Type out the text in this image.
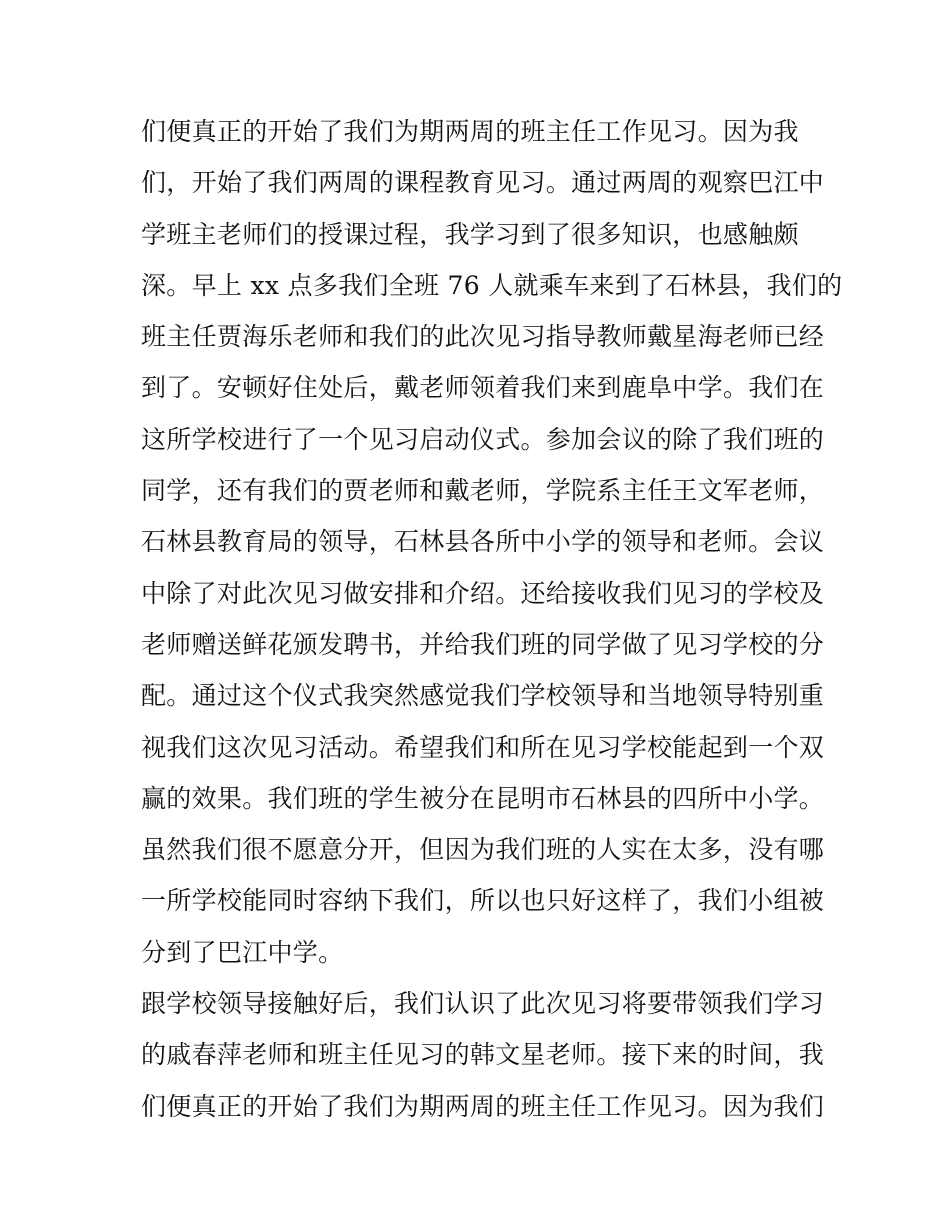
们便真正的开始了我们为期两周的班主任工作见习。因为我
们，开始了我们两周的课程教育见习。通过两周的观察巴江中
学班主老师们的授课过程，我学习到了很多知识，也感触颇
深。早上 xx 点多我们全班 76 人就乘车来到了石林县，我们的
班主任贾海乐老师和我们的此次见习指导教师戴星海老师已经
到了。安顿好住处后，戴老师领着我们来到鹿阜中学。我们在
这所学校进行了一个见习启动仪式。参加会议的除了我们班的
同学，还有我们的贾老师和戴老师，学院系主任王文军老师，
石林县教育局的领导，石林县各所中小学的领导和老师。会议
中除了对此次见习做安排和介绍。还给接收我们见习的学校及
老师赠送鲜花颁发聘书，并给我们班的同学做了见习学校的分
配。通过这个仪式我突然感觉我们学校领导和当地领导特别重
视我们这次见习活动。希望我们和所在见习学校能起到一个双
赢的效果。我们班的学生被分在昆明市石林县的四所中小学。
虽然我们很不愿意分开，但因为我们班的人实在太多，没有哪
一所学校能同时容纳下我们，所以也只好这样了，我们小组被
分到了巴江中学。
跟学校领导接触好后，我们认识了此次见习将要带领我们学习
的戚春萍老师和班主任见习的韩文星老师。接下来的时间，我
们便真正的开始了我们为期两周的班主任工作见习。因为我们
